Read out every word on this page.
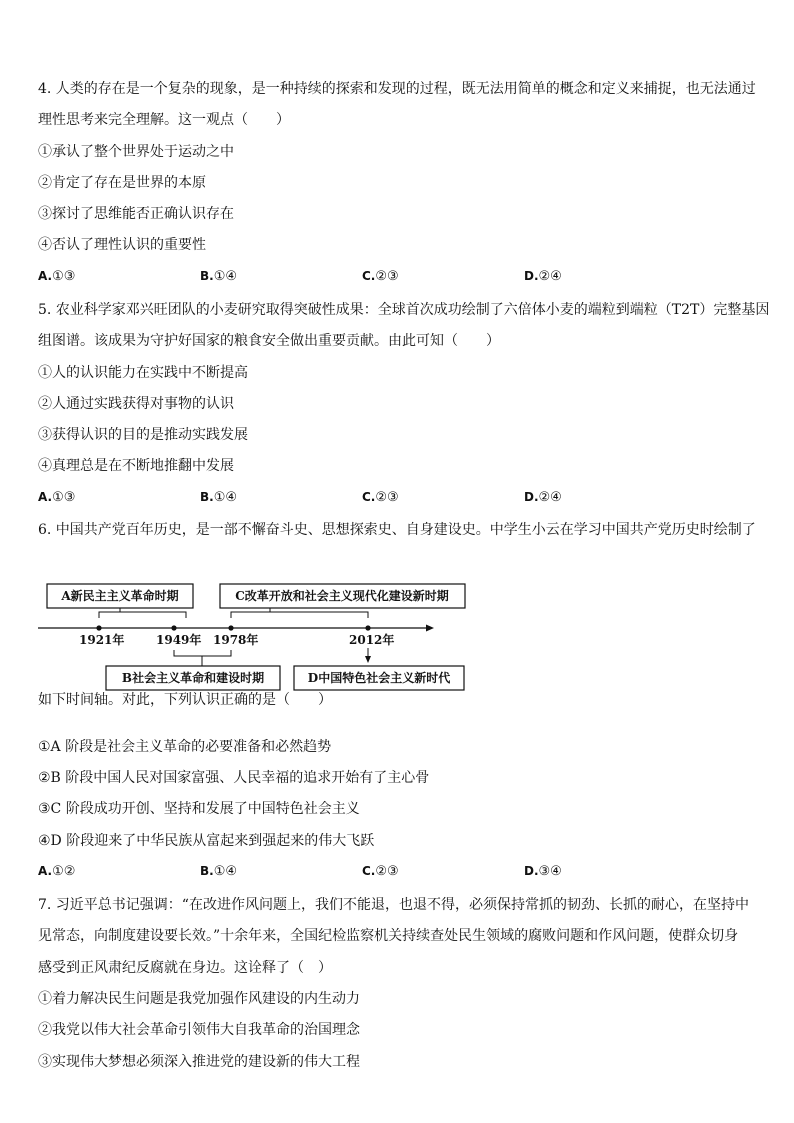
4. 人类的存在是一个复杂的现象，是一种持续的探索和发现的过程，既无法用简单的概念和定义来捕捉，也无法通过
理性思考来完全理解。这一观点（　　）
①承认了整个世界处于运动之中
②肯定了存在是世界的本原
③探讨了思维能否正确认识存在
④否认了理性认识的重要性
A.①③	B.①④	C.②③	D.②④
5. 农业科学家邓兴旺团队的小麦研究取得突破性成果：全球首次成功绘制了六倍体小麦的端粒到端粒（T2T）完整基因
组图谱。该成果为守护好国家的粮食安全做出重要贡献。由此可知（　　）
①人的认识能力在实践中不断提高
②人通过实践获得对事物的认识
③获得认识的目的是推动实践发展
④真理总是在不断地推翻中发展
A.①③	B.①④	C.②③	D.②④
6. 中国共产党百年历史，是一部不懈奋斗史、思想探索史、自身建设史。中学生小云在学习中国共产党历史时绘制了
A新民主主义革命时期	C改革开放和社会主义现代化建设新时期
1921年	1949年 1978年	2012年
B社会主义革命和建设时期	D中国特色社会主义新时代
如下时间轴。对此，下列认识正确的是（　　）
①A 阶段是社会主义革命的必要准备和必然趋势
②B 阶段中国人民对国家富强、人民幸福的追求开始有了主心骨
③C 阶段成功开创、坚持和发展了中国特色社会主义
④D 阶段迎来了中华民族从富起来到强起来的伟大飞跃
A.①②	B.①④	C.②③	D.③④
7. 习近平总书记强调：“在改进作风问题上，我们不能退，也退不得，必须保持常抓的韧劲、长抓的耐心，在坚持中
见常态，向制度建设要长效。”十余年来，全国纪检监察机关持续查处民生领域的腐败问题和作风问题，使群众切身
感受到正风肃纪反腐就在身边。这诠释了（　）
①着力解决民生问题是我党加强作风建设的内生动力
②我党以伟大社会革命引领伟大自我革命的治国理念
③实现伟大梦想必须深入推进党的建设新的伟大工程
